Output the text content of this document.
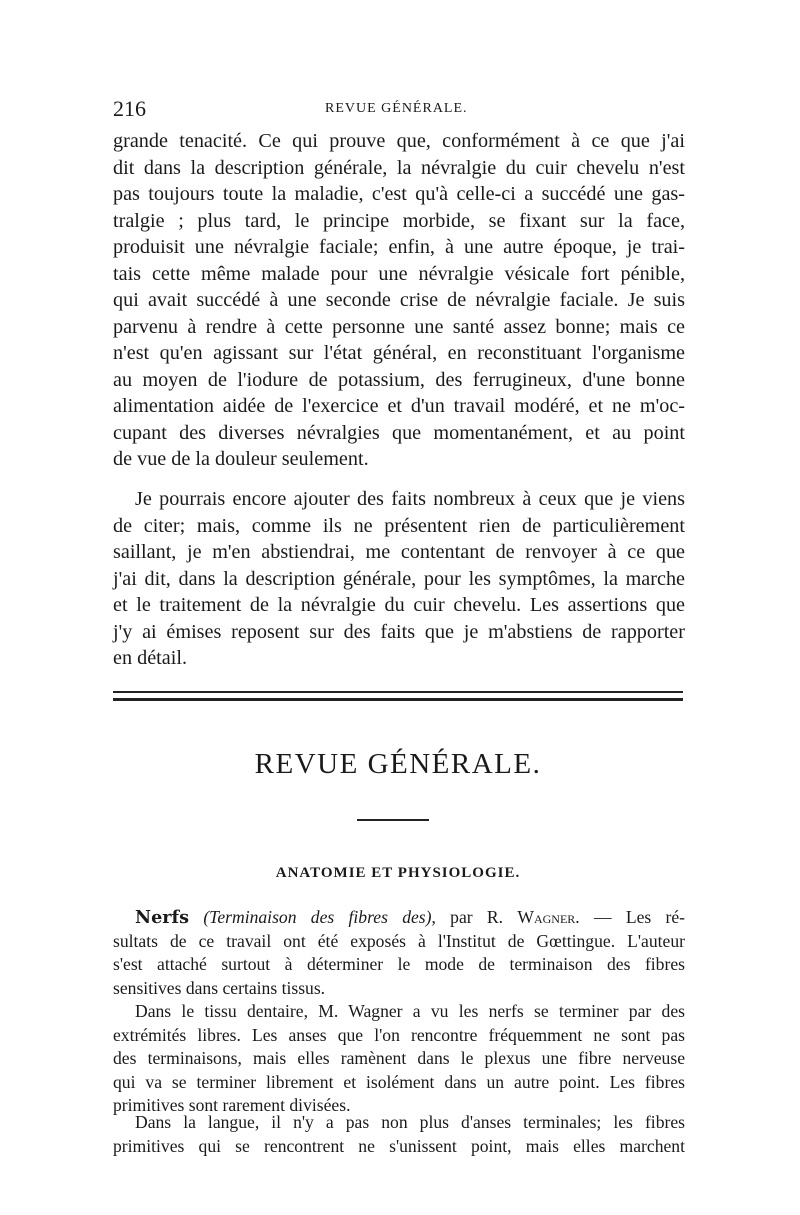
216	REVUE GÉNÉRALE.
grande tenacité. Ce qui prouve que, conformément à ce que j'ai
dit dans la description générale, la névralgie du cuir chevelu n'est
pas toujours toute la maladie, c'est qu'à celle-ci a succédé une gas-
tralgie ; plus tard, le principe morbide, se fixant sur la face,
produisit une névralgie faciale; enfin, à une autre époque, je trai-
tais cette même malade pour une névralgie vésicale fort pénible,
qui avait succédé à une seconde crise de névralgie faciale. Je suis
parvenu à rendre à cette personne une santé assez bonne; mais ce
n'est qu'en agissant sur l'état général, en reconstituant l'organisme
au moyen de l'iodure de potassium, des ferrugineux, d'une bonne
alimentation aidée de l'exercice et d'un travail modéré, et ne m'oc-
cupant des diverses névralgies que momentanément, et au point
de vue de la douleur seulement.
Je pourrais encore ajouter des faits nombreux à ceux que je viens
de citer; mais, comme ils ne présentent rien de particulièrement
saillant, je m'en abstiendrai, me contentant de renvoyer à ce que
j'ai dit, dans la description générale, pour les symptômes, la marche
et le traitement de la névralgie du cuir chevelu. Les assertions que
j'y ai émises reposent sur des faits que je m'abstiens de rapporter
en détail.
REVUE GÉNÉRALE.
ANATOMIE ET PHYSIOLOGIE.
Nerfs (Terminaison des fibres des), par R. Wagner. — Les ré-
sultats de ce travail ont été exposés à l'Institut de Gœttingue. L'auteur
s'est attaché surtout à déterminer le mode de terminaison des fibres
sensitives dans certains tissus.
Dans le tissu dentaire, M. Wagner a vu les nerfs se terminer par des
extrémités libres. Les anses que l'on rencontre fréquemment ne sont pas
des terminaisons, mais elles ramènent dans le plexus une fibre nerveuse
qui va se terminer librement et isolément dans un autre point. Les fibres
primitives sont rarement divisées.
Dans la langue, il n'y a pas non plus d'anses terminales; les fibres
primitives qui se rencontrent ne s'unissent point, mais elles marchent
